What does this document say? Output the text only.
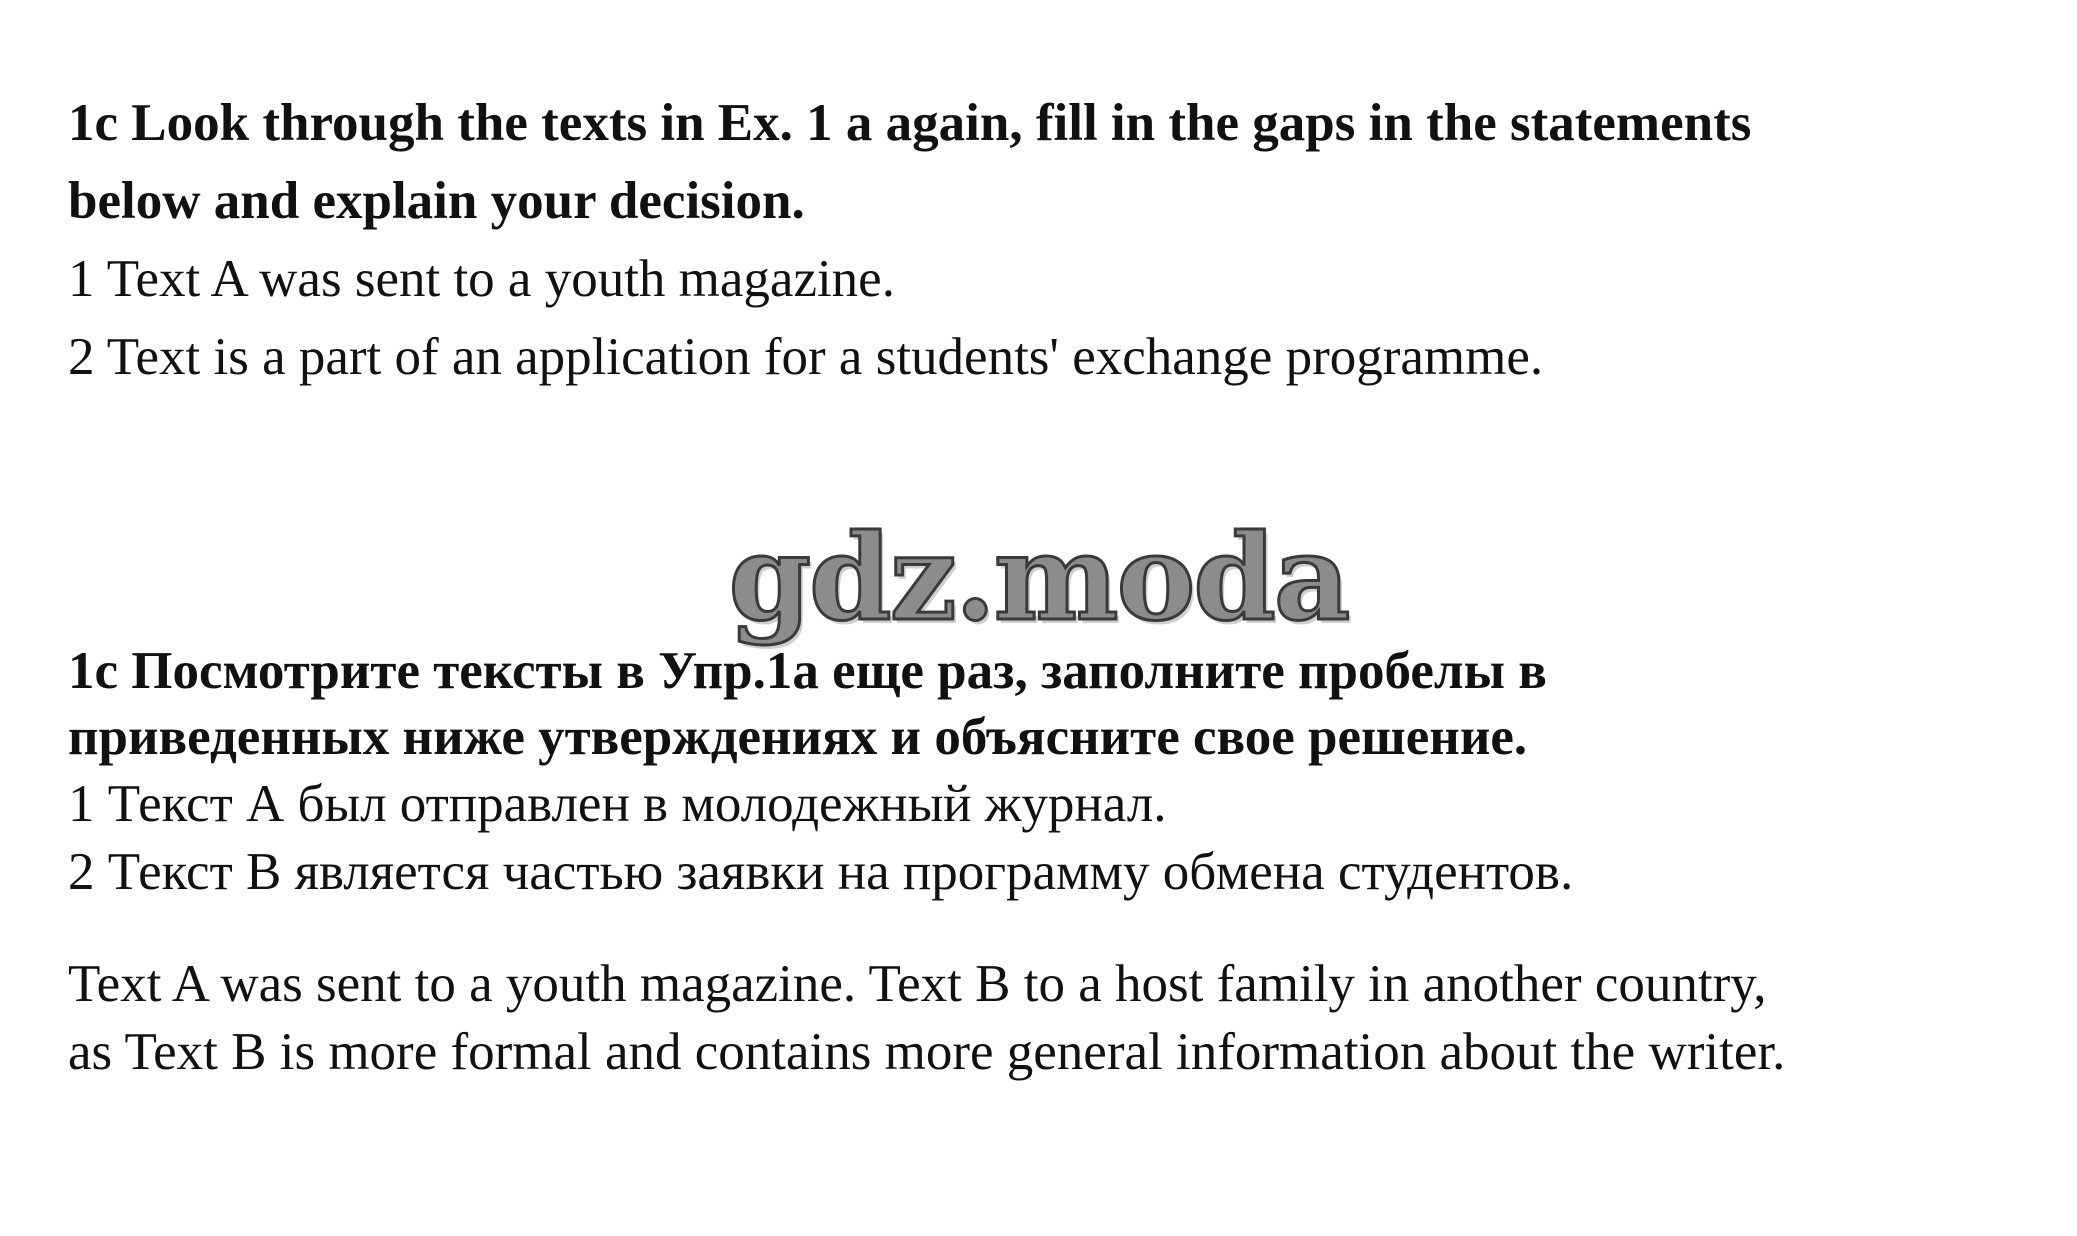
1c Look through the texts in Ex. 1 a again, fill in the gaps in the statements

below and explain your decision.

1 Text A was sent to a youth magazine.

2 Text is a part of an application for a students' exchange programme.

gdz.moda

1c Посмотрите тексты в Упр.1a еще раз, заполните пробелы в

приведенных ниже утверждениях и объясните свое решение.

1 Текст А был отправлен в молодежный журнал.

2 Текст В является частью заявки на программу обмена студентов.

Text A was sent to a youth magazine. Text B to a host family in another country,

as Text B is more formal and contains more general information about the writer.
